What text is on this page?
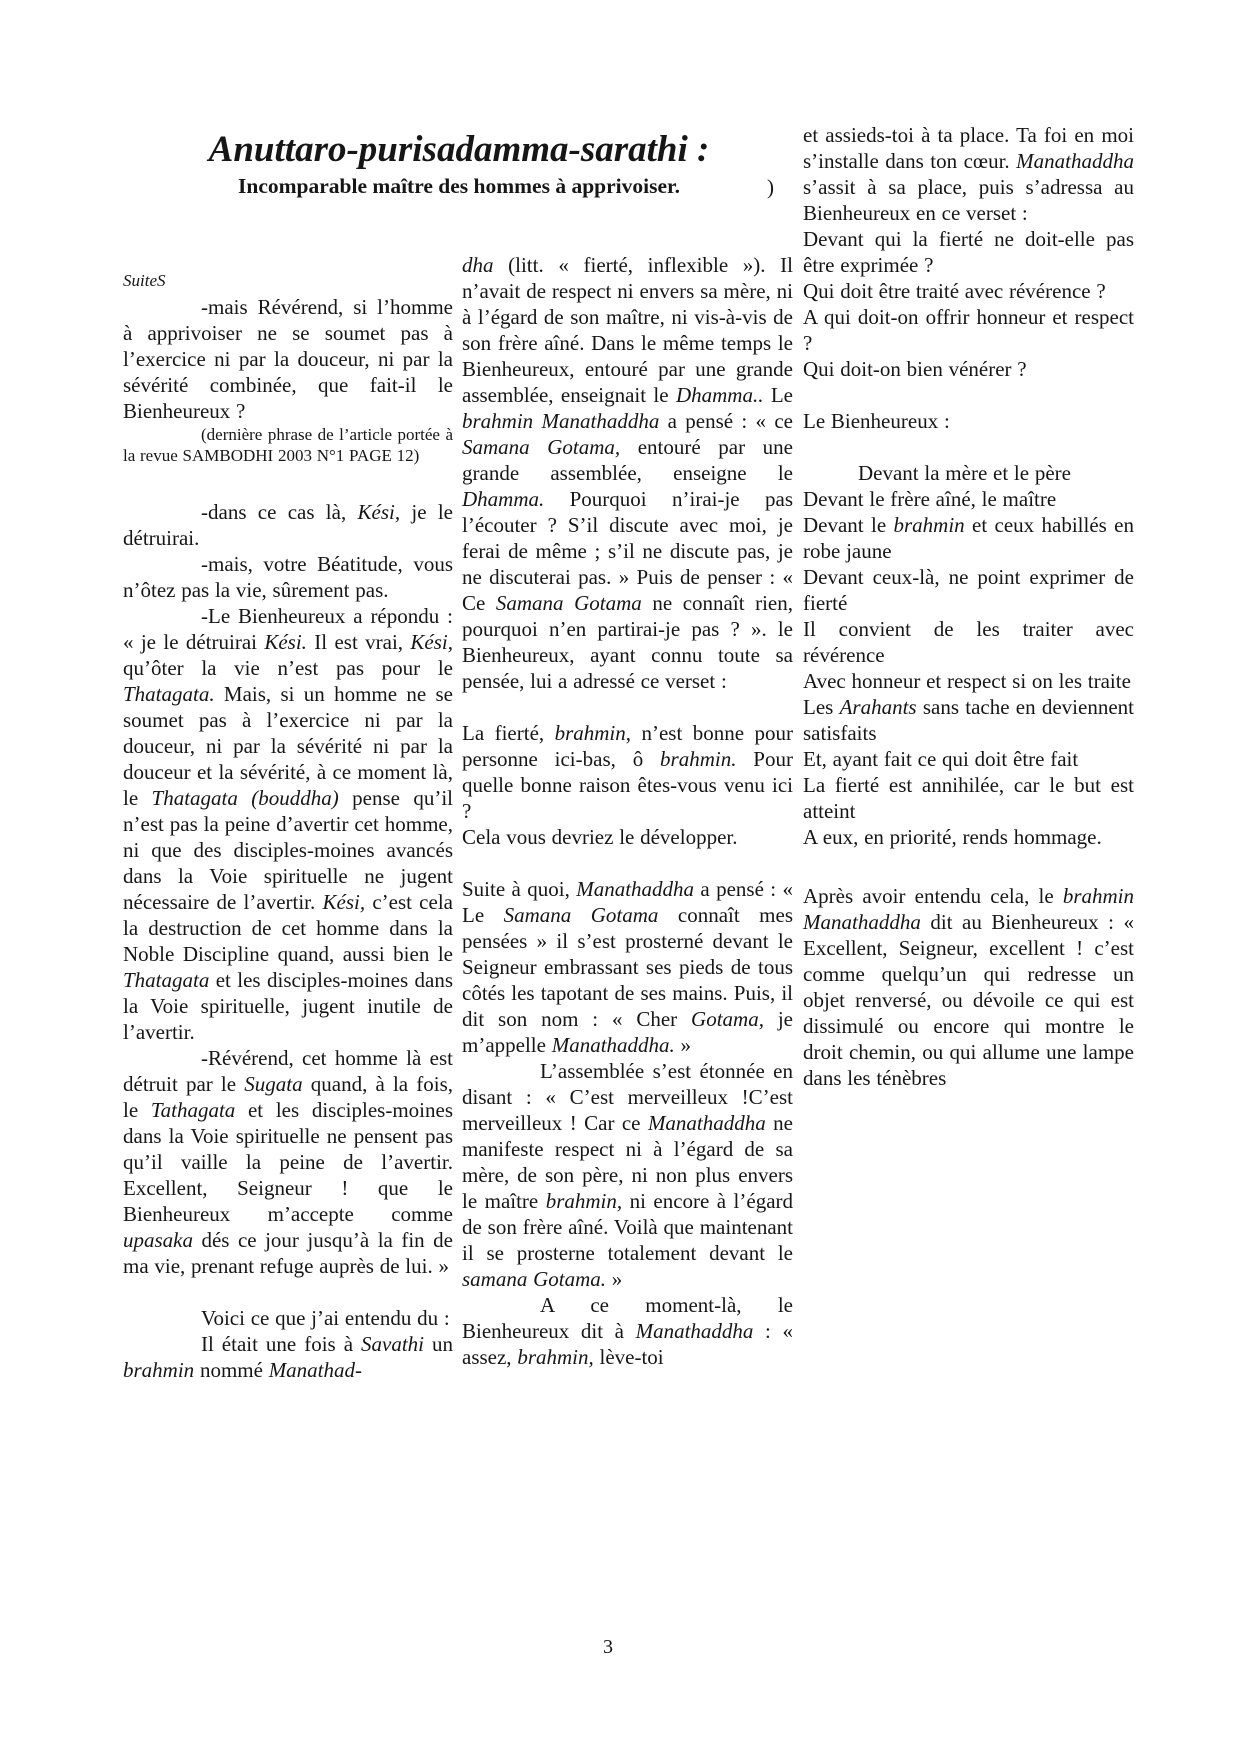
Anuttaro-purisadamma-sarathi :
Incomparable maître des hommes à apprivoiser.	)

SuiteS

-mais Révérend, si l’homme à apprivoiser ne se soumet pas à l’exercice ni par la douceur, ni par la sévérité combinée, que fait-il le Bienheureux ?

(dernière phrase de l’article portée à la revue SAMBODHI 2003 N°1 PAGE 12)

-dans ce cas là, Kési, je le détruirai.

-mais, votre Béatitude, vous n’ôtez pas la vie, sûrement pas.

-Le Bienheureux a répondu : « je le détruirai Kési. Il est vrai, Kési, qu’ôter la vie n’est pas pour le Thatagata. Mais, si un homme ne se soumet pas à l’exercice ni par la douceur, ni par la sévérité ni par la douceur et la sévérité, à ce moment là, le Thatagata (bouddha) pense qu’il n’est pas la peine d’avertir cet homme, ni que des disciples-moines avancés dans la Voie spirituelle ne jugent nécessaire de l’avertir. Kési, c’est cela la destruction de cet homme dans la Noble Discipline quand, aussi bien le Thatagata et les disciples-moines dans la Voie spirituelle, jugent inutile de l’avertir.

-Révérend, cet homme là est détruit par le Sugata quand, à la fois, le Tathagata et les disciples-moines dans la Voie spirituelle ne pensent pas qu’il vaille la peine de l’avertir. Excellent, Seigneur ! que le Bienheureux m’accepte comme upasaka dés ce jour jusqu’à la fin de ma vie, prenant refuge auprès de lui. »

Voici ce que j’ai entendu du :

Il était une fois à Savathi un brahmin nommé Manathad-

dha (litt. « fierté, inflexible »). Il n’avait de respect ni envers sa mère, ni à l’égard de son maître, ni vis-à-vis de son frère aîné. Dans le même temps le Bienheureux, entouré par une grande assemblée, enseignait le Dhamma.. Le brahmin Manathaddha a pensé : « ce Samana Gotama, entouré par une grande assemblée, enseigne le Dhamma. Pourquoi n’irai-je pas l’écouter ? S’il discute avec moi, je ferai de même ; s’il ne discute pas, je ne discuterai pas. » Puis de penser : « Ce Samana Gotama ne connaît rien, pourquoi n’en partirai-je pas ? ». le Bienheureux, ayant connu toute sa pensée, lui a adressé ce verset :

La fierté, brahmin, n’est bonne pour personne ici-bas, ô brahmin. Pour quelle bonne raison êtes-vous venu ici ?

Cela vous devriez le développer.

Suite à quoi, Manathaddha a pensé : « Le Samana Gotama connaît mes pensées » il s’est prosterné devant le Seigneur embrassant ses pieds de tous côtés les tapotant de ses mains. Puis, il dit son nom : « Cher Gotama, je m’appelle Manathaddha. »

L’assemblée s’est étonnée en disant : « C’est merveilleux !C’est merveilleux ! Car ce Manathaddha ne manifeste respect ni à l’égard de sa mère, de son père, ni non plus envers le maître brahmin, ni encore à l’égard de son frère aîné. Voilà que maintenant il se prosterne totalement devant le samana Gotama. »

A ce moment-là, le Bienheureux dit à Manathaddha : « assez, brahmin, lève-toi

et assieds-toi à ta place. Ta foi en moi s’installe dans ton cœur. Manathaddha s’assit à sa place, puis s’adressa au Bienheureux en ce verset :

Devant qui la fierté ne doit-elle pas être exprimée ?

Qui doit être traité avec révérence ?

A qui doit-on offrir honneur et respect ?

Qui doit-on bien vénérer ?

Le Bienheureux :

Devant la mère et le père

Devant le frère aîné, le maître

Devant le brahmin et ceux habillés en robe jaune

Devant ceux-là, ne point exprimer de fierté

Il convient de les traiter avec révérence

Avec honneur et respect si on les traite

Les Arahants sans tache en deviennent satisfaits

Et, ayant fait ce qui doit être fait

La fierté est annihilée, car le but est atteint

A eux, en priorité, rends hommage.

Après avoir entendu cela, le brahmin Manathaddha dit au Bienheureux : « Excellent, Seigneur, excellent ! c’est comme quelqu’un qui redresse un objet renversé, ou dévoile ce qui est dissimulé ou encore qui montre le droit chemin, ou qui allume une lampe dans les ténèbres

3
